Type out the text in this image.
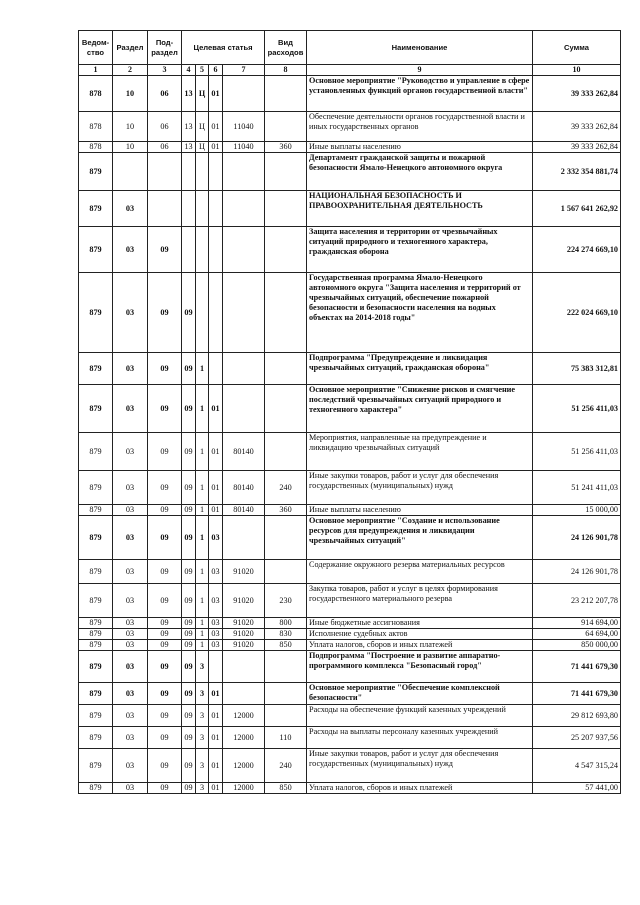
Ведом-ство	Раздел	Под-раздел	Целевая статья				Вид расходов	Наименование	Сумма
1	2	3	4	5	6	7	8	9	10
878	10	06	13	Ц	01			Основное мероприятие "Руководство и управление в сфере установленных функций органов государственной власти"	39 333 262,84
878	10	06	13	Ц	01	11040		Обеспечение деятельности органов государственной власти и иных государственных органов	39 333 262,84
878	10	06	13	Ц	01	11040	360	Иные выплаты населению	39 333 262,84
879								Департамент гражданской защиты и пожарной безопасности Ямало-Ненецкого автономного округа	2 332 354 881,74
879	03							НАЦИОНАЛЬНАЯ БЕЗОПАСНОСТЬ И ПРАВООХРАНИТЕЛЬНАЯ ДЕЯТЕЛЬНОСТЬ	1 567 641 262,92
879	03	09						Защита населения и территории от чрезвычайных ситуаций природного и техногенного характера, гражданская оборона	224 274 669,10
879	03	09	09					Государственная программа Ямало-Ненецкого автономного округа "Защита населения и территорий от чрезвычайных ситуаций, обеспечение пожарной безопасности и безопасности населения на водных объектах на 2014-2018 годы"	222 024 669,10
879	03	09	09	1				Подпрограмма "Предупреждение и ликвидация чрезвычайных ситуаций, гражданская оборона"	75 383 312,81
879	03	09	09	1	01			Основное мероприятие "Снижение рисков и смягчение последствий чрезвычайных ситуаций природного и техногенного характера"	51 256 411,03
879	03	09	09	1	01	80140		Мероприятия, направленные на предупреждение и ликвидацию чрезвычайных ситуаций	51 256 411,03
879	03	09	09	1	01	80140	240	Иные закупки товаров, работ и услуг для обеспечения государственных (муниципальных) нужд	51 241 411,03
879	03	09	09	1	01	80140	360	Иные выплаты населению	15 000,00
879	03	09	09	1	03			Основное мероприятие "Создание и использование ресурсов для предупреждения и ликвидации чрезвычайных ситуаций"	24 126 901,78
879	03	09	09	1	03	91020		Содержание окружного резерва материальных ресурсов	24 126 901,78
879	03	09	09	1	03	91020	230	Закупка товаров, работ и услуг в целях формирования государственного материального резерва	23 212 207,78
879	03	09	09	1	03	91020	800	Иные бюджетные ассигнования	914 694,00
879	03	09	09	1	03	91020	830	Исполнение судебных актов	64 694,00
879	03	09	09	1	03	91020	850	Уплата налогов, сборов и иных платежей	850 000,00
879	03	09	09	3				Подпрограмма "Построение и развитие аппаратно-программного комплекса "Безопасный город"	71 441 679,30
879	03	09	09	3	01			Основное мероприятие "Обеспечение комплексной безопасности"	71 441 679,30
879	03	09	09	3	01	12000		Расходы на обеспечение функций казенных учреждений	29 812 693,80
879	03	09	09	3	01	12000	110	Расходы на выплаты персоналу казенных учреждений	25 207 937,56
879	03	09	09	3	01	12000	240	Иные закупки товаров, работ и услуг для обеспечения государственных (муниципальных) нужд	4 547 315,24
879	03	09	09	3	01	12000	850	Уплата налогов, сборов и иных платежей	57 441,00
